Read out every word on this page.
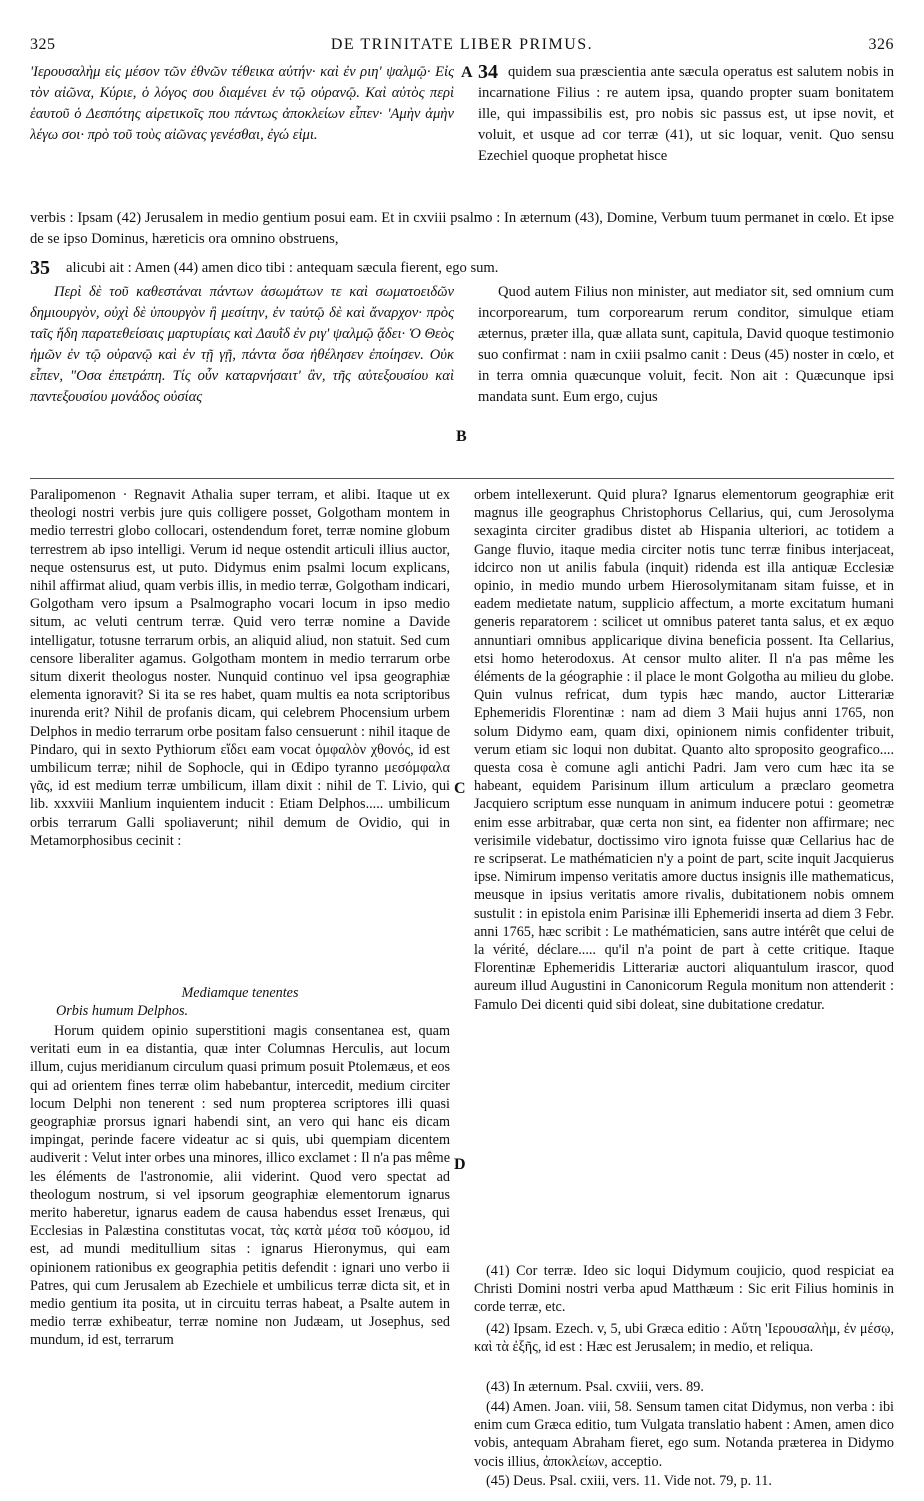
325	DE TRINITATE LIBER PRIMUS.	326
'Ιερουσαλὴμ εἰς μέσον τῶν ἐθνῶν τέθεικα αὐτήν· καὶ ἐν ριη' ψαλμῷ· Εἰς τὸν αἰῶνα, Κύριε, ὁ λόγος σου διαμένει ἐν τῷ οὐρανῷ. Καὶ αὐτὸς περὶ ἑαυτοῦ ὁ Δεσπότης αἱρετικοῖς που πάντως ἀποκλείων εἶπεν· 'Αμὴν ἀμὴν λέγω σοι· πρὸ τοῦ τοὺς αἰῶνας γενέσθαι, ἐγώ εἰμι.
A 34 quidem sua præscientia ante sæcula operatus est salutem nobis in incarnatione Filius : re autem ipsa, quando propter suam bonitatem ille, qui impassibilis est, pro nobis sic passus est, ut ipse novit, et voluit, et usque ad cor terræ (41), ut sic loquar, venit. Quo sensu Ezechiel quoque prophetat hisce
verbis : Ipsam (42) Jerusalem in medio gentium posui eam. Et in cxviii psalmo : In æternum (43), Domine, Verbum tuum permanet in cœlo. Et ipse de se ipso Dominus, hæreticis ora omnino obstruens,
35 alicubi ait : Amen (44) amen dico tibi : antequam sæcula fierent, ego sum.
Περὶ δὲ τοῦ καθεστάναι πάντων ἀσωμάτων τε καὶ σωματοειδῶν δημιουργὸν, οὐχὶ δὲ ὑπουργὸν ἢ μεσίτην, ἐν ταὐτῷ δὲ καὶ ἄναρχον· πρὸς ταῖς ἤδη παρατεθείσαις μαρτυρίαις καὶ Δαυῒδ ἐν ριγ' ψαλμῷ ᾄδει· Ὁ Θεὸς ἡμῶν ἐν τῷ οὐρανῷ καὶ ἐν τῇ γῇ, πάντα ὅσα ἠθέλησεν ἐποίησεν. Οὐκ εἶπεν, "Οσα ἐπετράπη. Τίς οὖν καταρνήσαιτ' ἂν, τῆς αὐτεξουσίου καὶ παντεξουσίου μονάδος οὐσίας
B
Quod autem Filius non minister, aut mediator sit, sed omnium cum incorporearum, tum corporearum rerum conditor, simulque etiam æternus, præter illa, quæ allata sunt, capitula, David quoque testimonio suo confirmat : nam in cxiii psalmo canit : Deus (45) noster in cœlo, et in terra omnia quæcunque voluit, fecit. Non ait : Quæcunque ipsi mandata sunt. Eum ergo, cujus
Paralipomenon · Regnavit Athalia super terram, et alibi. Itaque ut ex theologi nostri verbis jure quis colligere posset, Golgotham montem in medio terrestri globo collocari, ostendendum foret, terræ nomine globum terrestrem ab ipso intelligi. Verum id neque ostendit articuli illius auctor, neque ostensurus est, ut puto. Didymus enim psalmi locum explicans, nihil affirmat aliud, quam verbis illis, in medio terræ, Golgotham indicari, Golgotham vero ipsum a Psalmographo vocari locum in ipso medio situm, ac veluti centrum terræ. Quid vero terræ nomine a Davide intelligatur, totusne terrarum orbis, an aliquid aliud, non statuit. Sed cum censore liberaliter agamus. Golgotham montem in medio terrarum orbe situm dixerit theologus noster. Nunquid continuo vel ipsa geographiæ elementa ignoravit? Si ita se res habet, quam multis ea nota scriptoribus inurenda erit? Nihil de profanis dicam, qui celebrem Phocensium urbem Delphos in medio terrarum orbe positam falso censuerunt : nihil itaque de Pindaro, qui in sexto Pythiorum εἴδει eam vocat ὀμφαλὸν χθονός, id est umbilicum terræ; nihil de Sophocle, qui in Œdipo tyranno μεσόμφαλα γᾶς, id est medium terræ umbilicum, illam dixit : nihil de T. Livio, qui lib. xxxviii Manlium inquientem inducit : Etiam Delphos..... umbilicum orbis terrarum Galli spoliaverunt; nihil demum de Ovidio, qui in Metamorphosibus cecinit :
Mediamque tenentes
Orbis humum Delphos.
Horum quidem opinio superstitioni magis consentanea est, quam veritati eum in ea distantia, quæ inter Columnas Herculis, aut locum illum, cujus meridianum circulum quasi primum posuit Ptolemæus, et eos qui ad orientem fines terræ olim habebantur, intercedit, medium circiter locum Delphi non tenerent : sed num propterea scriptores illi quasi geographiæ prorsus ignari habendi sint, an vero qui hanc eis dicam impingat, perinde facere videatur ac si quis, ubi quempiam dicentem audiverit : Velut inter orbes una minores, illico exclamet : Il n'a pas même les éléments de l'astronomie, alii viderint. Quod vero spectat ad theologum nostrum, si vel ipsorum geographiæ elementorum ignarus merito haberetur, ignarus eadem de causa habendus esset Irenæus, qui Ecclesias in Palæstina constitutas vocat, τὰς κατὰ μέσα τοῦ κόσμου, id est, ad mundi meditullium sitas : ignarus Hieronymus, qui eam opinionem rationibus ex geographia petitis defendit : ignari uno verbo ii Patres, qui cum Jerusalem ab Ezechiele et umbilicus terræ dicta sit, et in medio gentium ita posita, ut in circuitu terras habeat, a Psalte autem in medio terræ exhibeatur, terræ nomine non Judæam, ut Josephus, sed mundum, id est, terrarum
C
D
orbem intellexerunt. Quid plura? Ignarus elementorum geographiæ erit magnus ille geographus Christophorus Cellarius, qui, cum Jerosolyma sexaginta circiter gradibus distet ab Hispania ulteriori, ac totidem a Gange fluvio, itaque media circiter notis tunc terræ finibus interjaceat, idcirco non ut anilis fabula (inquit) ridenda est illa antiquæ Ecclesiæ opinio, in medio mundo urbem Hierosolymitanam sitam fuisse, et in eadem medietate natum, supplicio affectum, a morte excitatum humani generis reparatorem : scilicet ut omnibus pateret tanta salus, et ex æquo annuntiari omnibus applicarique divina beneficia possent. Ita Cellarius, etsi homo heterodoxus. At censor multo aliter. Il n'a pas même les éléments de la géographie : il place le mont Golgotha au milieu du globe. Quin vulnus refricat, dum typis hæc mando, auctor Litterariæ Ephemeridis Florentinæ : nam ad diem 3 Maii hujus anni 1765, non solum Didymo eam, quam dixi, opinionem nimis confidenter tribuit, verum etiam sic loqui non dubitat. Quanto alto sproposito geografico.... questa cosa è comune agli antichi Padri. Jam vero cum hæc ita se habeant, equidem Parisinum illum articulum a præclaro geometra Jacquiero scriptum esse nunquam in animum inducere potui : geometræ enim esse arbitrabar, quæ certa non sint, ea fidenter non affirmare; nec verisimile videbatur, doctissimo viro ignota fuisse quæ Cellarius hac de re scripserat. Le mathématicien n'y a point de part, scite inquit Jacquierus ipse. Nimirum impenso veritatis amore ductus insignis ille mathematicus, meusque in ipsius veritatis amore rivalis, dubitationem nobis omnem sustulit : in epistola enim Parisinæ illi Ephemeridi inserta ad diem 3 Febr. anni 1765, hæc scribit : Le mathématicien, sans autre intérêt que celui de la vérité, déclare..... qu'il n'a point de part à cette critique. Itaque Florentinæ Ephemeridis Litterariæ auctori aliquantulum irascor, quod aureum illud Augustini in Canonicorum Regula monitum non attenderit : Famulo Dei dicenti quid sibi doleat, sine dubitatione credatur.
(41) Cor terræ. Ideo sic loqui Didymum coujicio, quod respiciat ea Christi Domini nostri verba apud Matthæum : Sic erit Filius hominis in corde terræ, etc.
(42) Ipsam. Ezech. v, 5, ubi Græca editio : Αὕτη 'Ιερουσαλὴμ, ἐν μέσῳ, καὶ τὰ ἐξῆς, id est : Hæc est Jerusalem; in medio, et reliqua.
(43) In æternum. Psal. cxviii, vers. 89.
(44) Amen. Joan. viii, 58. Sensum tamen citat Didymus, non verba : ibi enim cum Græca editio, tum Vulgata translatio habent : Amen, amen dico vobis, antequam Abraham fieret, ego sum. Notanda præterea in Didymo vocis illius, ἀποκλείων, acceptio.
(45) Deus. Psal. cxiii, vers. 11. Vide not. 79, p. 11.
